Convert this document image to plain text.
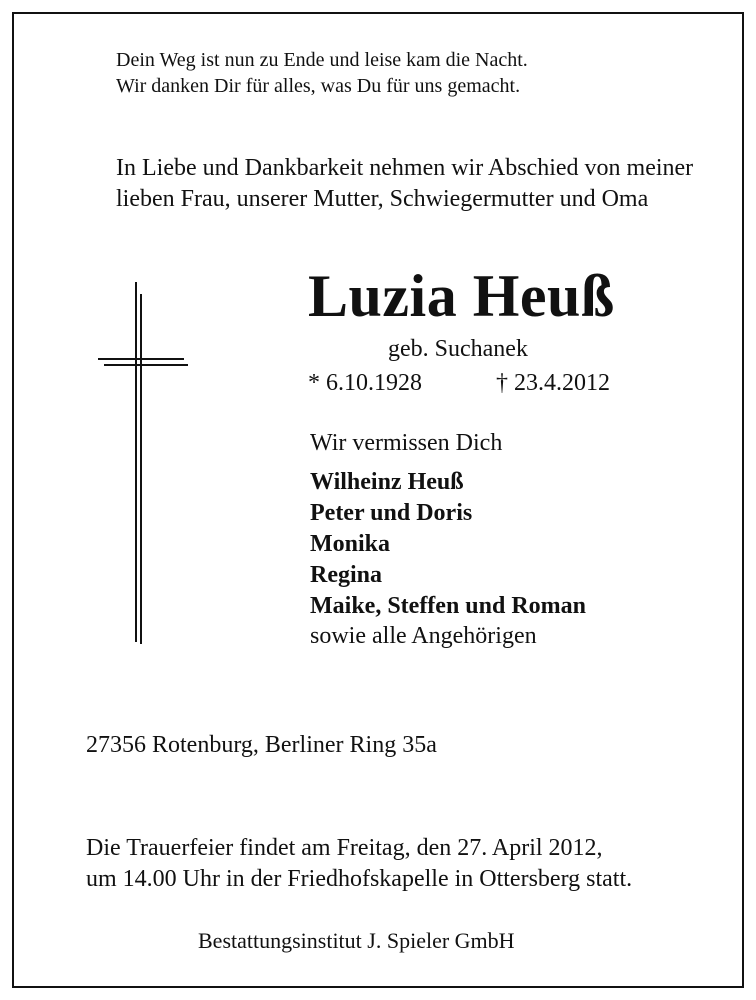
Dein Weg ist nun zu Ende und leise kam die Nacht.
Wir danken Dir für alles, was Du für uns gemacht.
In Liebe und Dankbarkeit nehmen wir Abschied von meiner
lieben Frau, unserer Mutter, Schwiegermutter und Oma
Luzia Heuß
geb. Suchanek
* 6.10.1928	† 23.4.2012
Wir vermissen Dich
Wilheinz Heuß
Peter und Doris
Monika
Regina
Maike, Steffen und Roman
sowie alle Angehörigen
27356 Rotenburg, Berliner Ring 35a
Die Trauerfeier findet am Freitag, den 27. April 2012,
um 14.00 Uhr in der Friedhofskapelle in Ottersberg statt.
Bestattungsinstitut J. Spieler GmbH
